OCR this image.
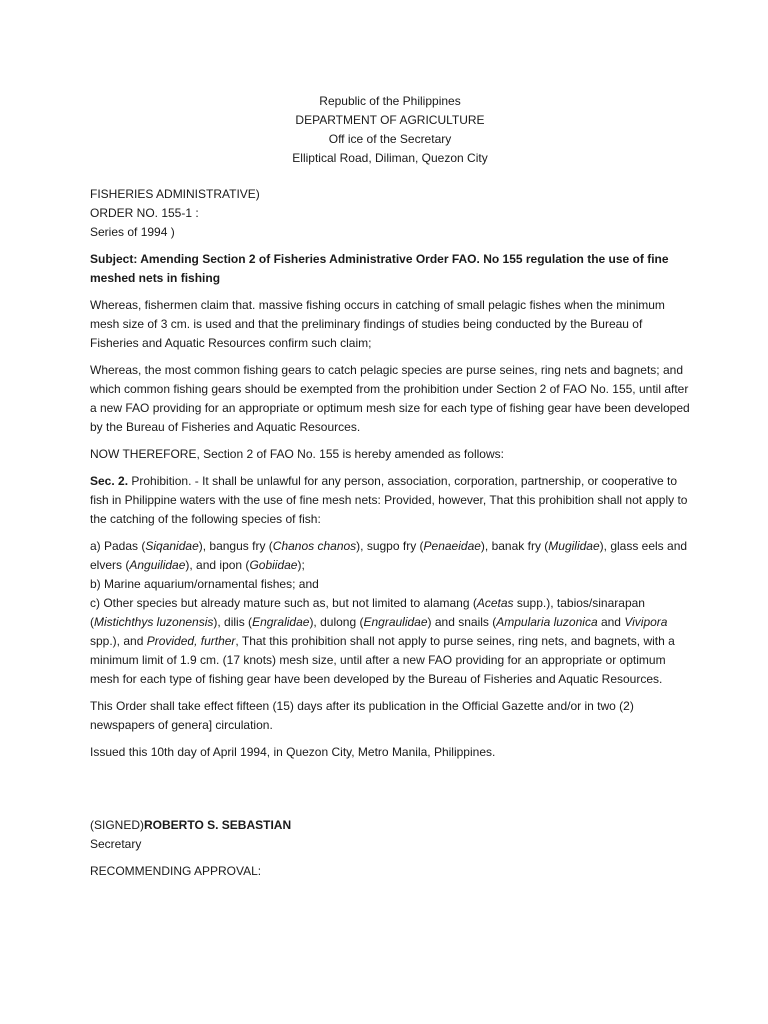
Republic of the Philippines
DEPARTMENT OF AGRICULTURE
Off ice of the Secretary
Elliptical Road, Diliman, Quezon City
FISHERIES ADMINISTRATIVE)
ORDER NO. 155-1 :
Series of 1994 )

Subject: Amending Section 2 of Fisheries Administrative Order FAO. No 155 regulation the use of fine meshed nets in fishing

Whereas, fishermen claim that. massive fishing occurs in catching of small pelagic fishes when the minimum mesh size of 3 cm. is used and that the preliminary findings of studies being conducted by the Bureau of Fisheries and Aquatic Resources confirm such claim;

Whereas, the most common fishing gears to catch pelagic species are purse seines, ring nets and bagnets; and which common fishing gears should be exempted from the prohibition under Section 2 of FAO No. 155, until after a new FAO providing for an appropriate or optimum mesh size for each type of fishing gear have been developed by the Bureau of Fisheries and Aquatic Resources.

NOW THEREFORE, Section 2 of FAO No. 155 is hereby amended as follows:

Sec. 2. Prohibition. - It shall be unlawful for any person, association, corporation, partnership, or cooperative to fish in Philippine waters with the use of fine mesh nets: Provided, however, That this prohibition shall not apply to the catching of the following species of fish:

a) Padas (Siqanidae), bangus fry (Chanos chanos), sugpo fry (Penaeidae), banak fry (Mugilidae), glass eels and elvers (Anguilidae), and ipon (Gobiidae);
b) Marine aquarium/ornamental fishes; and
c) Other species but already mature such as, but not limited to alamang (Acetas supp.), tabios/sinarapan (Mistichthys luzonensis), dilis (Engralidae), dulong (Engraulidae) and snails (Ampularia luzonica and Vivipora spp.), and Provided, further, That this prohibition shall not apply to purse seines, ring nets, and bagnets, with a minimum limit of 1.9 cm. (17 knots) mesh size, until after a new FAO providing for an appropriate or optimum mesh for each type of fishing gear have been developed by the Bureau of Fisheries and Aquatic Resources.

This Order shall take effect fifteen (15) days after its publication in the Official Gazette and/or in two (2) newspapers of genera] circulation.

Issued this 10th day of April 1994, in Quezon City, Metro Manila, Philippines.

(SIGNED)ROBERTO S. SEBASTIAN
Secretary

RECOMMENDING APPROVAL:
